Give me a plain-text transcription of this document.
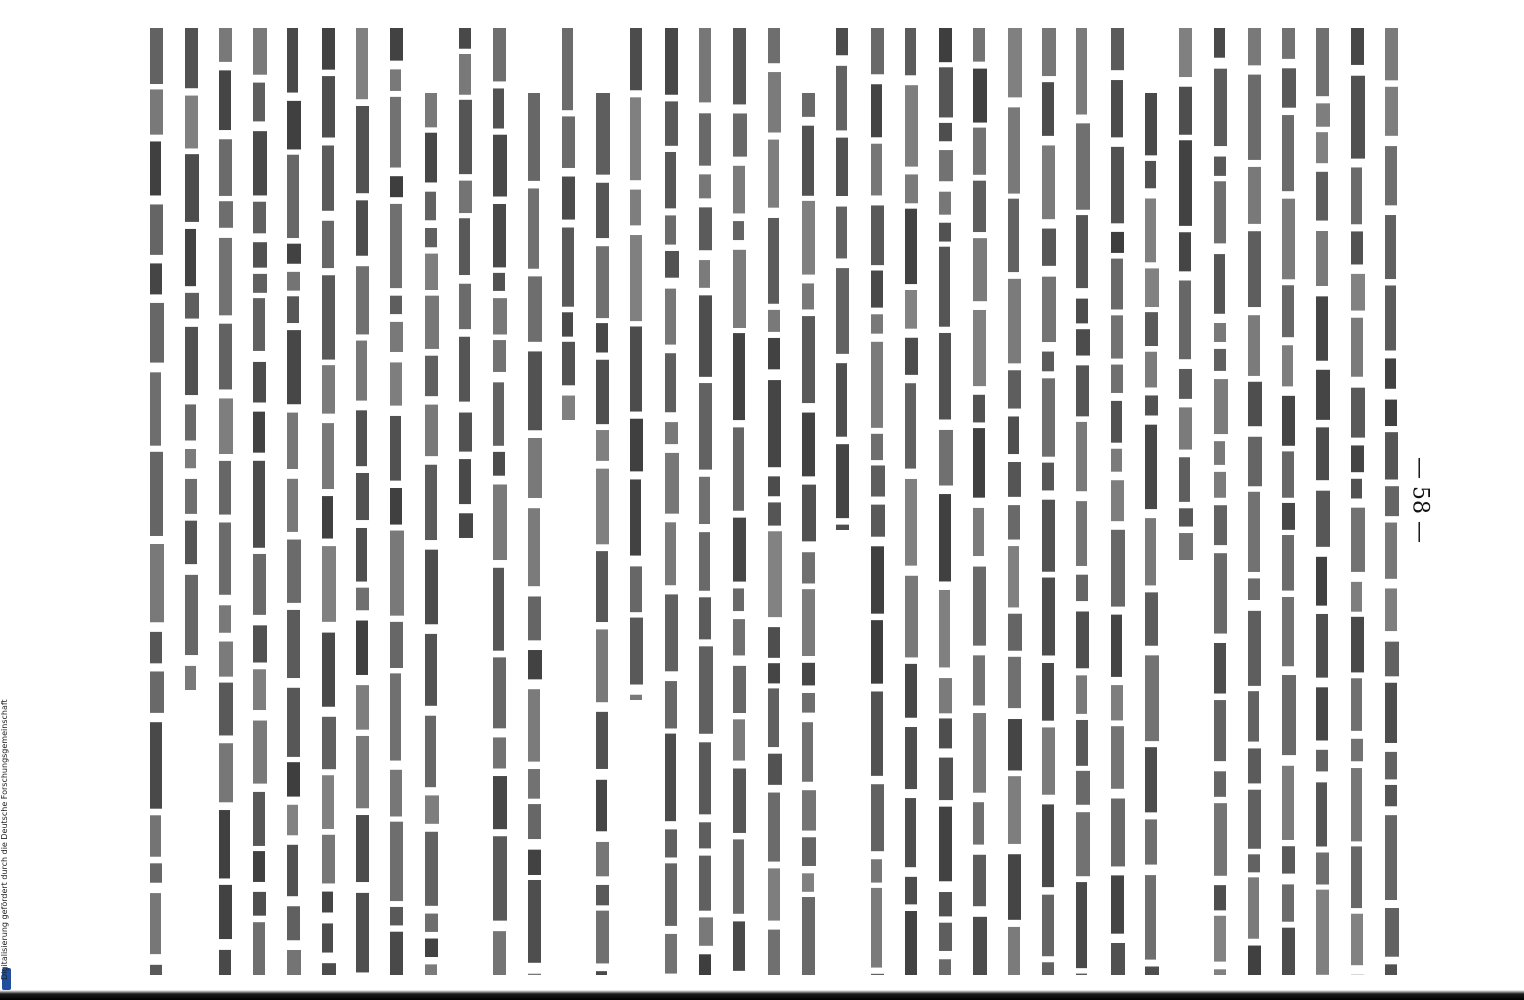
— 58 —
Digitalisierung gefördert durch die Deutsche Forschungsgemeinschaft
